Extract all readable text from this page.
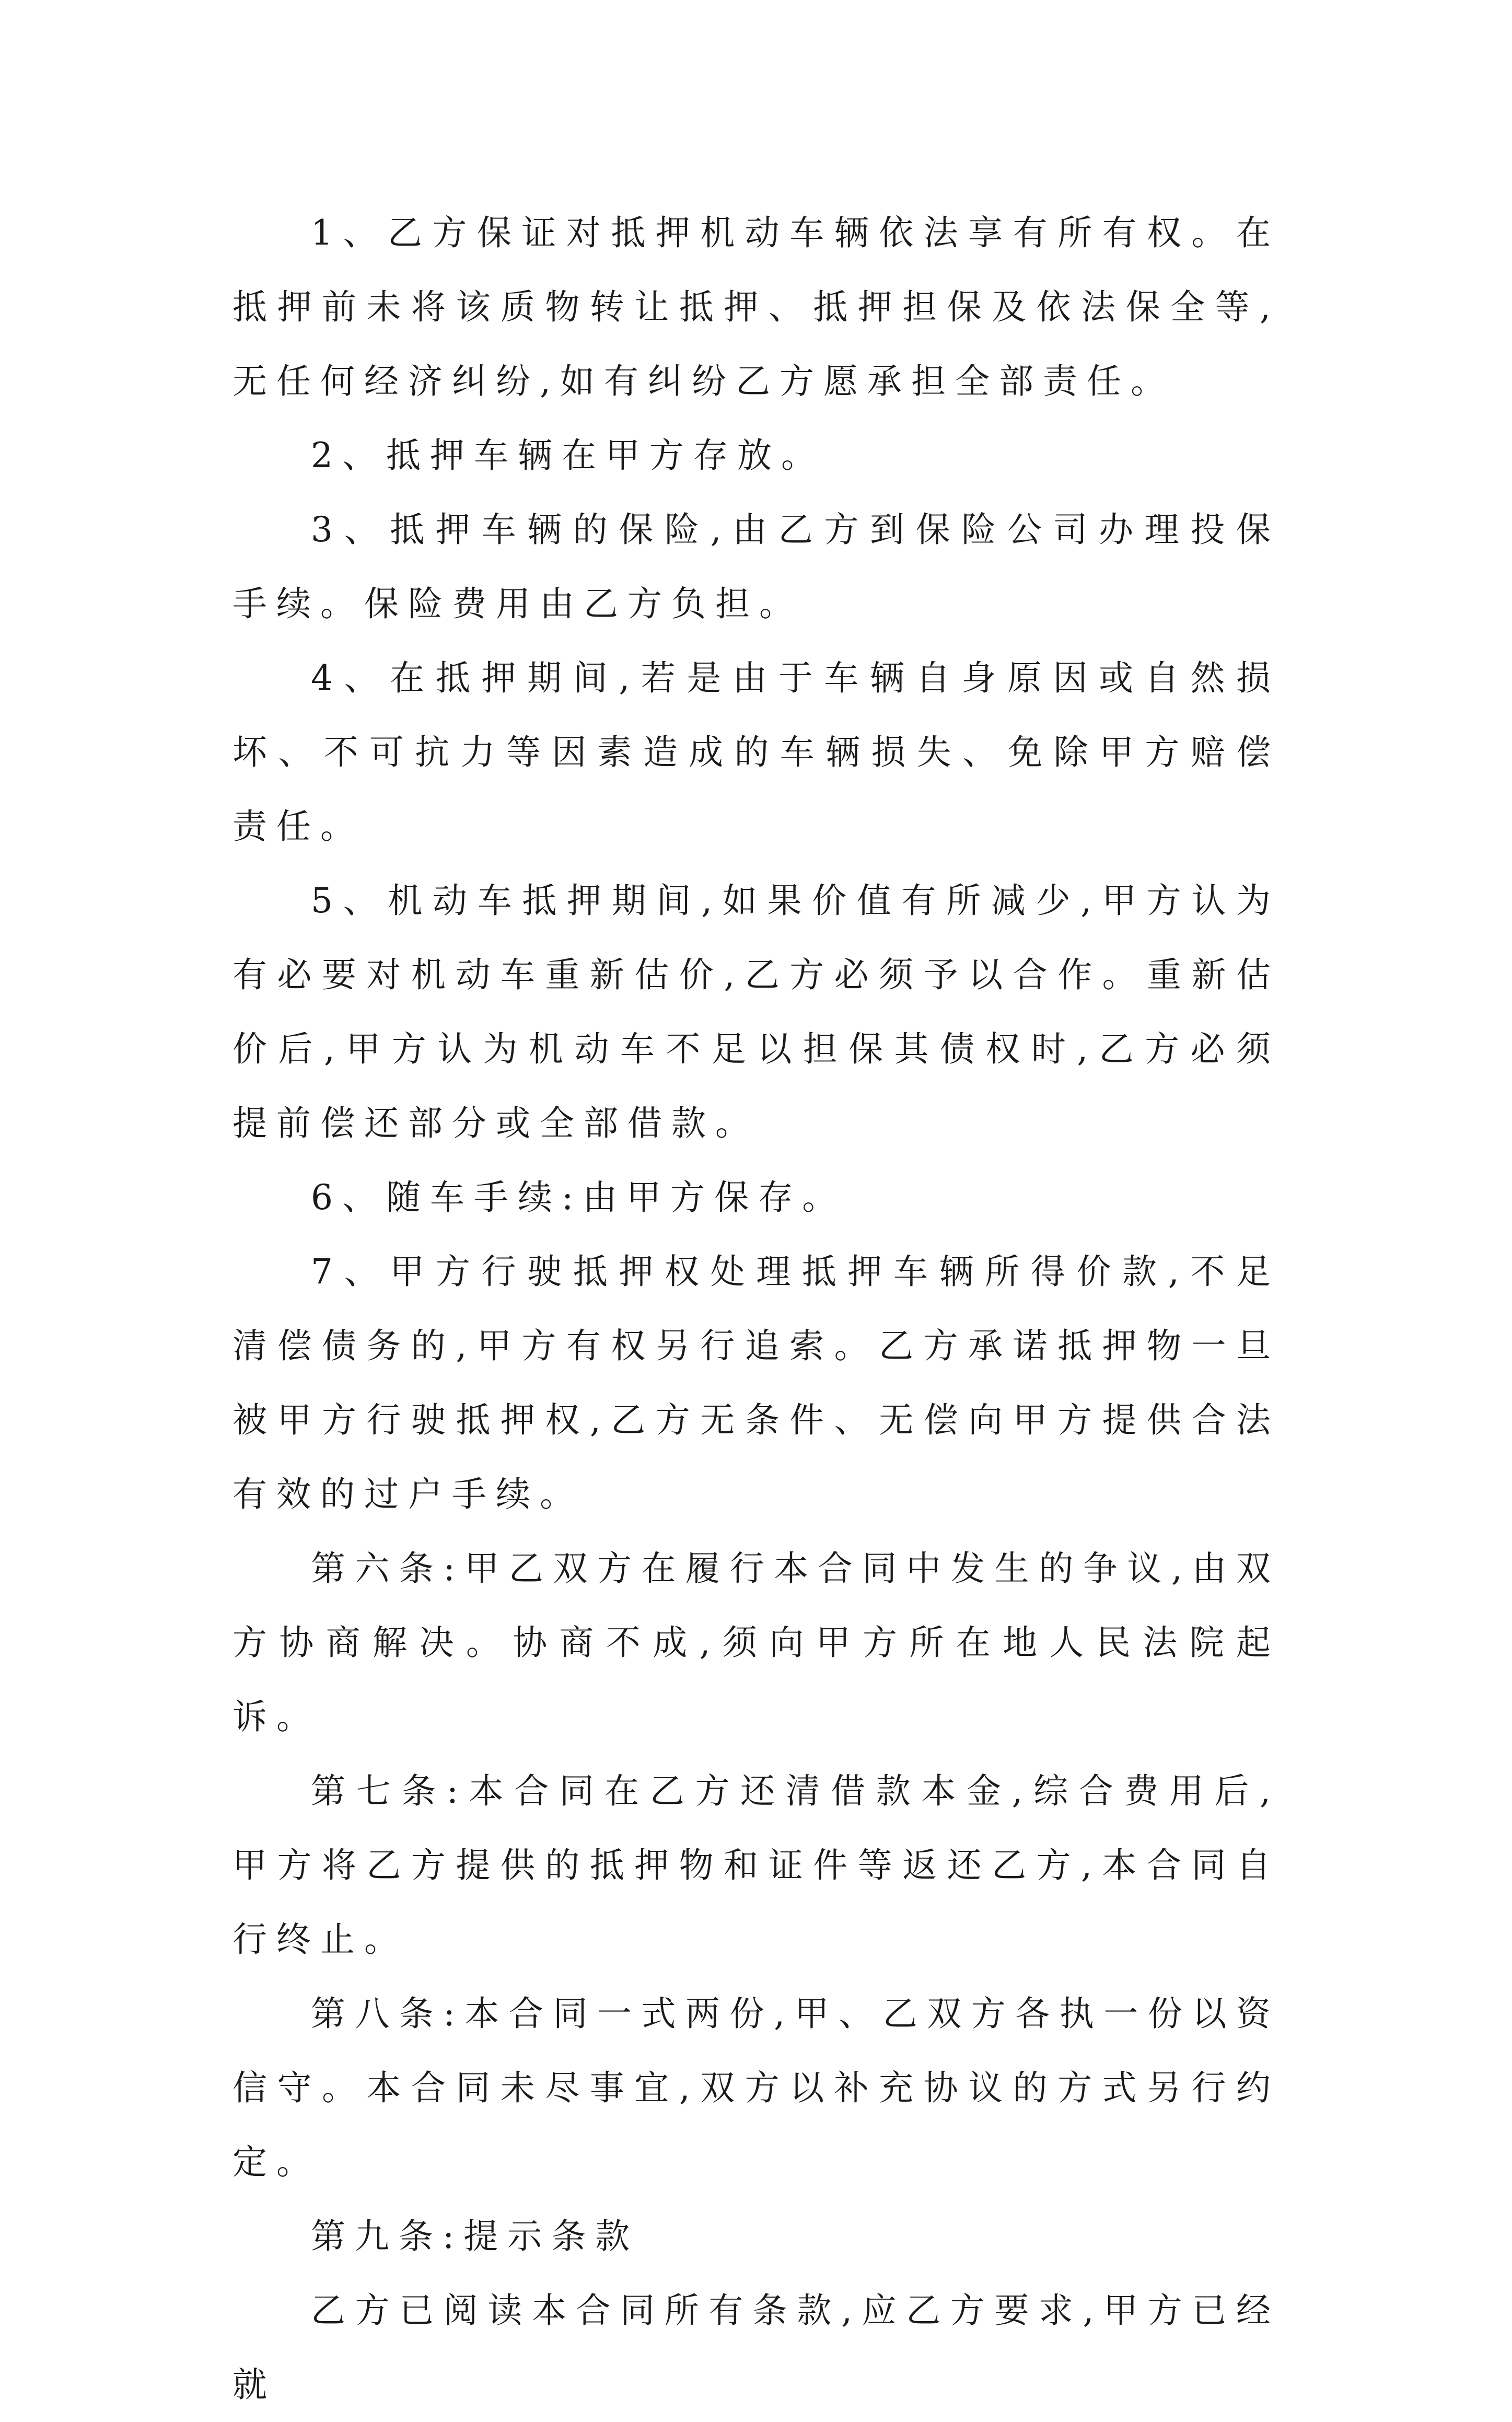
1、乙方保证对抵押机动车辆依法享有所有权。在抵押前未将该质物转让抵押、抵押担保及依法保全等,无任何经济纠纷,如有纠纷乙方愿承担全部责任。

2、抵押车辆在甲方存放。

3、抵押车辆的保险,由乙方到保险公司办理投保手续。保险费用由乙方负担。

4、在抵押期间,若是由于车辆自身原因或自然损坏、不可抗力等因素造成的车辆损失、免除甲方赔偿责任。

5、机动车抵押期间,如果价值有所减少,甲方认为有必要对机动车重新估价,乙方必须予以合作。重新估价后,甲方认为机动车不足以担保其债权时,乙方必须提前偿还部分或全部借款。

6、随车手续:由甲方保存。

7、甲方行驶抵押权处理抵押车辆所得价款,不足清偿债务的,甲方有权另行追索。乙方承诺抵押物一旦被甲方行驶抵押权,乙方无条件、无偿向甲方提供合法有效的过户手续。

第六条:甲乙双方在履行本合同中发生的争议,由双方协商解决。协商不成,须向甲方所在地人民法院起诉。

第七条:本合同在乙方还清借款本金,综合费用后,甲方将乙方提供的抵押物和证件等返还乙方,本合同自行终止。

第八条:本合同一式两份,甲、乙双方各执一份以资信守。本合同未尽事宜,双方以补充协议的方式另行约定。

第九条:提示条款

乙方已阅读本合同所有条款,应乙方要求,甲方已经就
